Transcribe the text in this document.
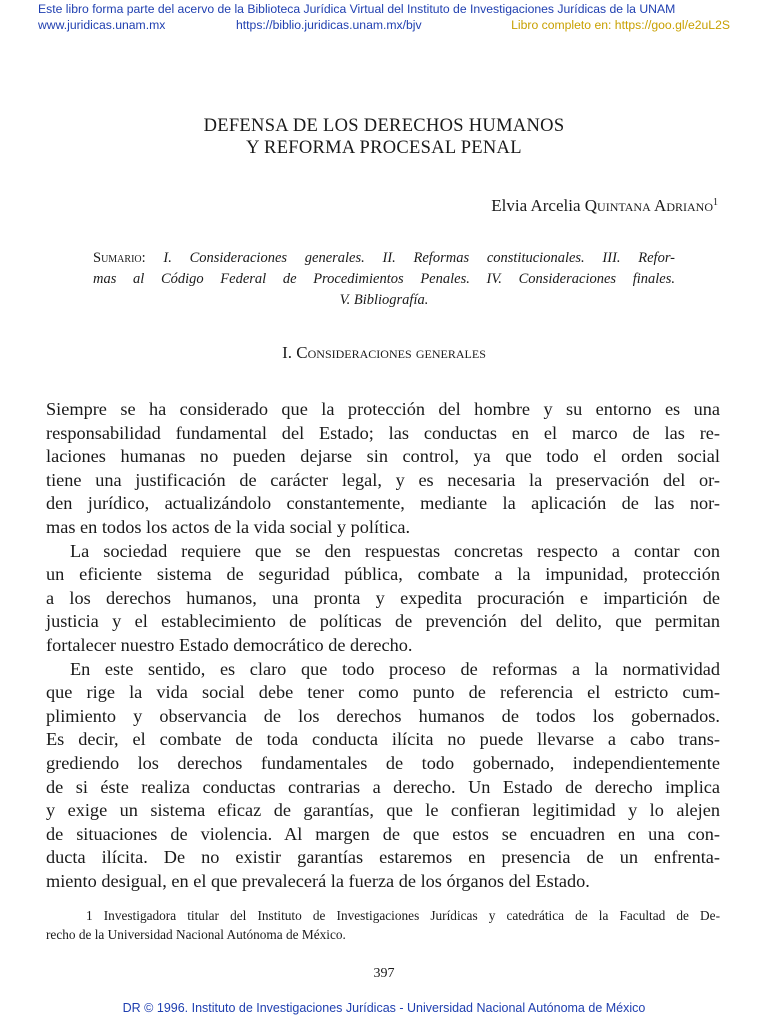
Este libro forma parte del acervo de la Biblioteca Jurídica Virtual del Instituto de Investigaciones Jurídicas de la UNAM
www.juridicas.unam.mx	https://biblio.juridicas.unam.mx/bjv	Libro completo en: https://goo.gl/e2uL2S
DEFENSA DE LOS DERECHOS HUMANOS
Y REFORMA PROCESAL PENAL
Elvia Arcelia Quintana Adriano$^1$
Sumario: I. Consideraciones generales. II. Reformas constitucionales. III. Refor-
mas al Código Federal de Procedimientos Penales. IV. Consideraciones finales.
V. Bibliografía.
I. Consideraciones generales
Siempre se ha considerado que la protección del hombre y su entorno es una
responsabilidad fundamental del Estado; las conductas en el marco de las re-
laciones humanas no pueden dejarse sin control, ya que todo el orden social
tiene una justificación de carácter legal, y es necesaria la preservación del or-
den jurídico, actualizándolo constantemente, mediante la aplicación de las nor-
mas en todos los actos de la vida social y política.
La sociedad requiere que se den respuestas concretas respecto a contar con
un eficiente sistema de seguridad pública, combate a la impunidad, protección
a los derechos humanos, una pronta y expedita procuración e impartición de
justicia y el establecimiento de políticas de prevención del delito, que permitan
fortalecer nuestro Estado democrático de derecho.
En este sentido, es claro que todo proceso de reformas a la normatividad
que rige la vida social debe tener como punto de referencia el estricto cum-
plimiento y observancia de los derechos humanos de todos los gobernados.
Es decir, el combate de toda conducta ilícita no puede llevarse a cabo trans-
grediendo los derechos fundamentales de todo gobernado, independientemente
de si éste realiza conductas contrarias a derecho. Un Estado de derecho implica
y exige un sistema eficaz de garantías, que le confieran legitimidad y lo alejen
de situaciones de violencia. Al margen de que estos se encuadren en una con-
ducta ilícita. De no existir garantías estaremos en presencia de un enfrenta-
miento desigual, en el que prevalecerá la fuerza de los órganos del Estado.
1 Investigadora titular del Instituto de Investigaciones Jurídicas y catedrática de la Facultad de De-
recho de la Universidad Nacional Autónoma de México.
397
DR © 1996. Instituto de Investigaciones Jurídicas - Universidad Nacional Autónoma de México
